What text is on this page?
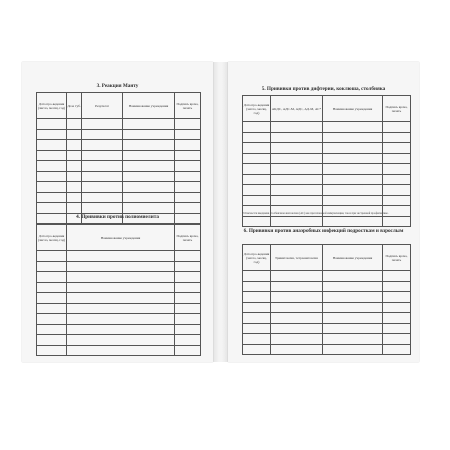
3. Реакция Манту
Дата про-ведения (число, месяц, год)	Доза туб.	Результат	Наименование учреждения	Подпись врача, печать

4. Прививки против полиомиелита
Дата про-ведения (число, месяц, год)	Наименование учреждения	Подпись врача, печать

5. Прививки против дифтерии, коклюша, столбняка
Дата про-ведения (число, месяц, год)	АКДС, АДС-М, АДС, АД-М, АС*	Наименование учреждения	Подпись врача, печать

*Отмечается вводимая столбнячная анатоксина (АС) как при плановой иммунизации, так и при экстренной профилактике.
6. Прививки против анаэробных инфекций подросткам и взрослым
Дата про-ведения (число, месяц, год)	Тринитоксин, тетраанатоксин	Наименование учреждения	Подпись врача, печать
